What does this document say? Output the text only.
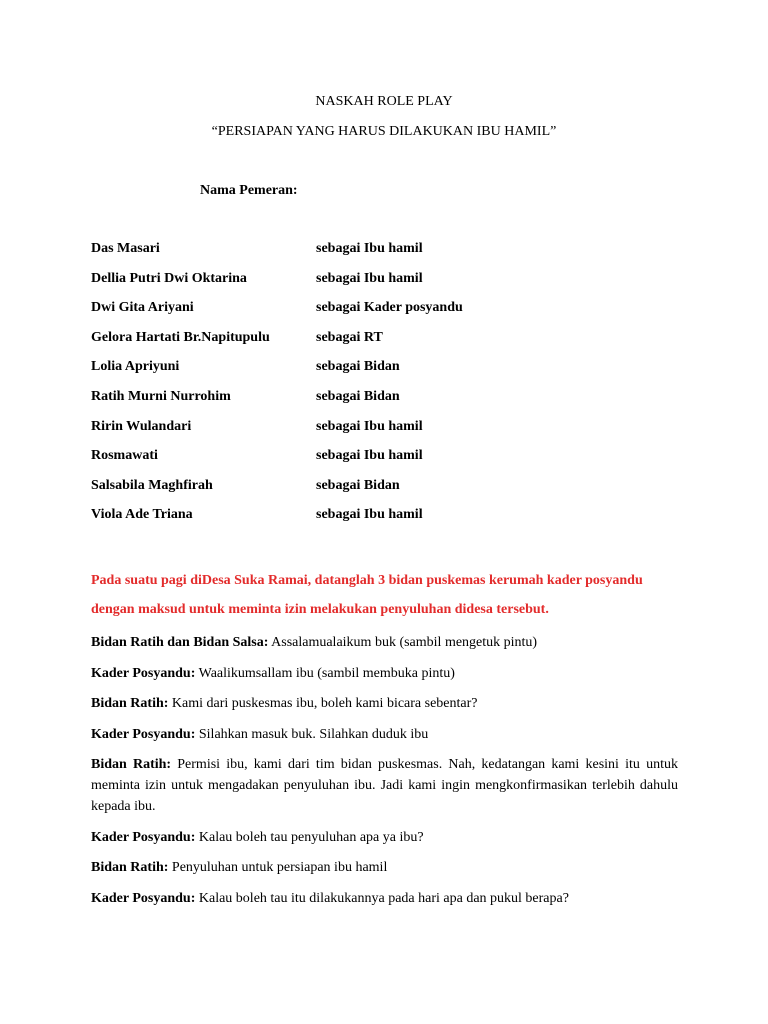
NASKAH ROLE PLAY
“PERSIAPAN YANG HARUS DILAKUKAN IBU HAMIL”
Nama Pemeran:
Das Masari	sebagai Ibu hamil
Dellia Putri Dwi Oktarina	sebagai Ibu hamil
Dwi Gita Ariyani	sebagai Kader posyandu
Gelora Hartati Br.Napitupulu	sebagai RT
Lolia Apriyuni	sebagai Bidan
Ratih Murni Nurrohim	sebagai Bidan
Ririn Wulandari	sebagai Ibu hamil
Rosmawati	sebagai Ibu hamil
Salsabila Maghfirah	sebagai Bidan
Viola Ade Triana	sebagai Ibu hamil
Pada suatu pagi diDesa Suka Ramai, datanglah 3 bidan puskemas kerumah kader posyandu
dengan maksud untuk meminta izin melakukan penyuluhan didesa tersebut.
Bidan Ratih dan Bidan Salsa: Assalamualaikum buk (sambil mengetuk pintu)
Kader Posyandu: Waalikumsallam ibu (sambil membuka pintu)
Bidan Ratih: Kami dari puskesmas ibu, boleh kami bicara sebentar?
Kader Posyandu: Silahkan masuk buk. Silahkan duduk ibu
Bidan Ratih: Permisi ibu, kami dari tim bidan puskesmas. Nah, kedatangan kami kesini itu untuk meminta izin untuk mengadakan penyuluhan ibu. Jadi kami ingin mengkonfirmasikan terlebih dahulu kepada ibu.
Kader Posyandu: Kalau boleh tau penyuluhan apa ya ibu?
Bidan Ratih: Penyuluhan untuk persiapan ibu hamil
Kader Posyandu: Kalau boleh tau itu dilakukannya pada hari apa dan pukul berapa?
